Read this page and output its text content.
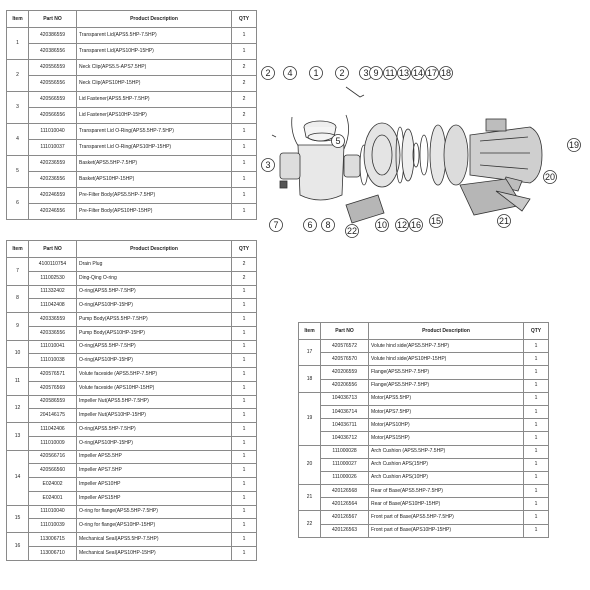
Item	Part NO	Product Description	QTY
1	420386559	Transparent Lid(APS5.5HP-7.5HP)	1
	420386556	Transparent Lid(APS10HP-15HP)	1
2	420556559	Neck Clip(APS5.5-APS7.5HP)	2
	420556556	Neck Clip(APS10HP-15HP)	2
3	420566559	Lid Fastener(APS5.5HP-7.5HP)	2
	420566556	Lid Fastener(APS10HP-15HP)	2
4	111010040	Transparent Lid O-Ring(APS5.5HP-7.5HP)	1
	111010037	Transparent Lid O-Ring(APS10HP-15HP)	1
5	420236559	Basket(APS5.5HP-7.5HP)	1
	420236556	Basket(APS10HP-15HP)	1
6	420246559	Pre-Filter Body(APS5.5HP-7.5HP)	1
	420246556	Pre-Filter Body(APS10HP-15HP)	1
Item	Part NO	Product Description	QTY
7	4100110754	Drain Plug	2
	111002530	Ding-Qing O-ring	2
8	111332402	O-ring(APS5.5HP-7.5HP)	1
	111042408	O-ring(APS10HP-15HP)	1
9	420336559	Pump Body(APS5.5HP-7.5HP)	1
	420336556	Pump Body(APS10HP-15HP)	1
10	111010041	O-ring(APS5.5HP-7.5HP)	1
	111010038	O-ring(APS10HP-15HP)	1
11	420576571	Volute faceside (APS5.5HP-7.5HP)	1
	420576569	Volute faceside (APS10HP-15HP)	1
12	420586559	Impeller Nut(APS5.5HP-7.5HP)	1
	204146175	Impeller Nut(APS10HP-15HP)	1
13	111042406	O-ring(APS5.5HP-7.5HP)	1
	111010009	O-ring(APS10HP-15HP)	1
14	420566716	Impeller APS5.5HP	1
	420566560	Impeller APS7.5HP	1
	E024002	Impeller APS10HP	1
	E024001	Impeller APS15HP	1
15	111010040	O-ring for flange(APS5.5HP-7.5HP)	1
	111010039	O-ring for flange(APS10HP-15HP)	1
16	113006715	Mechanical Seal(APS5.5HP-7.5HP)	1
	113006710	Mechanical Seal(APS10HP-15HP)	1
Item	Part NO	Product Description	QTY
17	420576572	Volute hind side(APS5.5HP-7.5HP)	1
	420576570	Volute hind side(APS10HP-15HP)	1
18	420206559	Flange(APS5.5HP-7.5HP)	1
	420206556	Flange(APS5.5HP-7.5HP)	1
19	104036713	Motor(APS5.5HP)	1
	104036714	Motor(APS7.5HP)	1
	104036711	Motor(APS10HP)	1
	104036712	Motor(APS15HP)	1
20	111000028	Arch Cushion (APS5.5HP-7.5HP)	1
	111000027	Arch Cushion APS(15HP)	1
	111000026	Arch Cushion APS(10HP)	1
21	420126568	Rear of Base(APS5.5HP-7.5HP)	1
	420126564	Rear of Base(APS10HP-15HP)	1
22	420126567	Front part of Base(APS5.5HP-7.5HP)	1
	420126563	Front part of Base(APS10HP-15HP)	1
2 4 1 2 3 9 11 13 14 17 18
19
3
5
20
7	6 8
22
10 12 16 15	21
